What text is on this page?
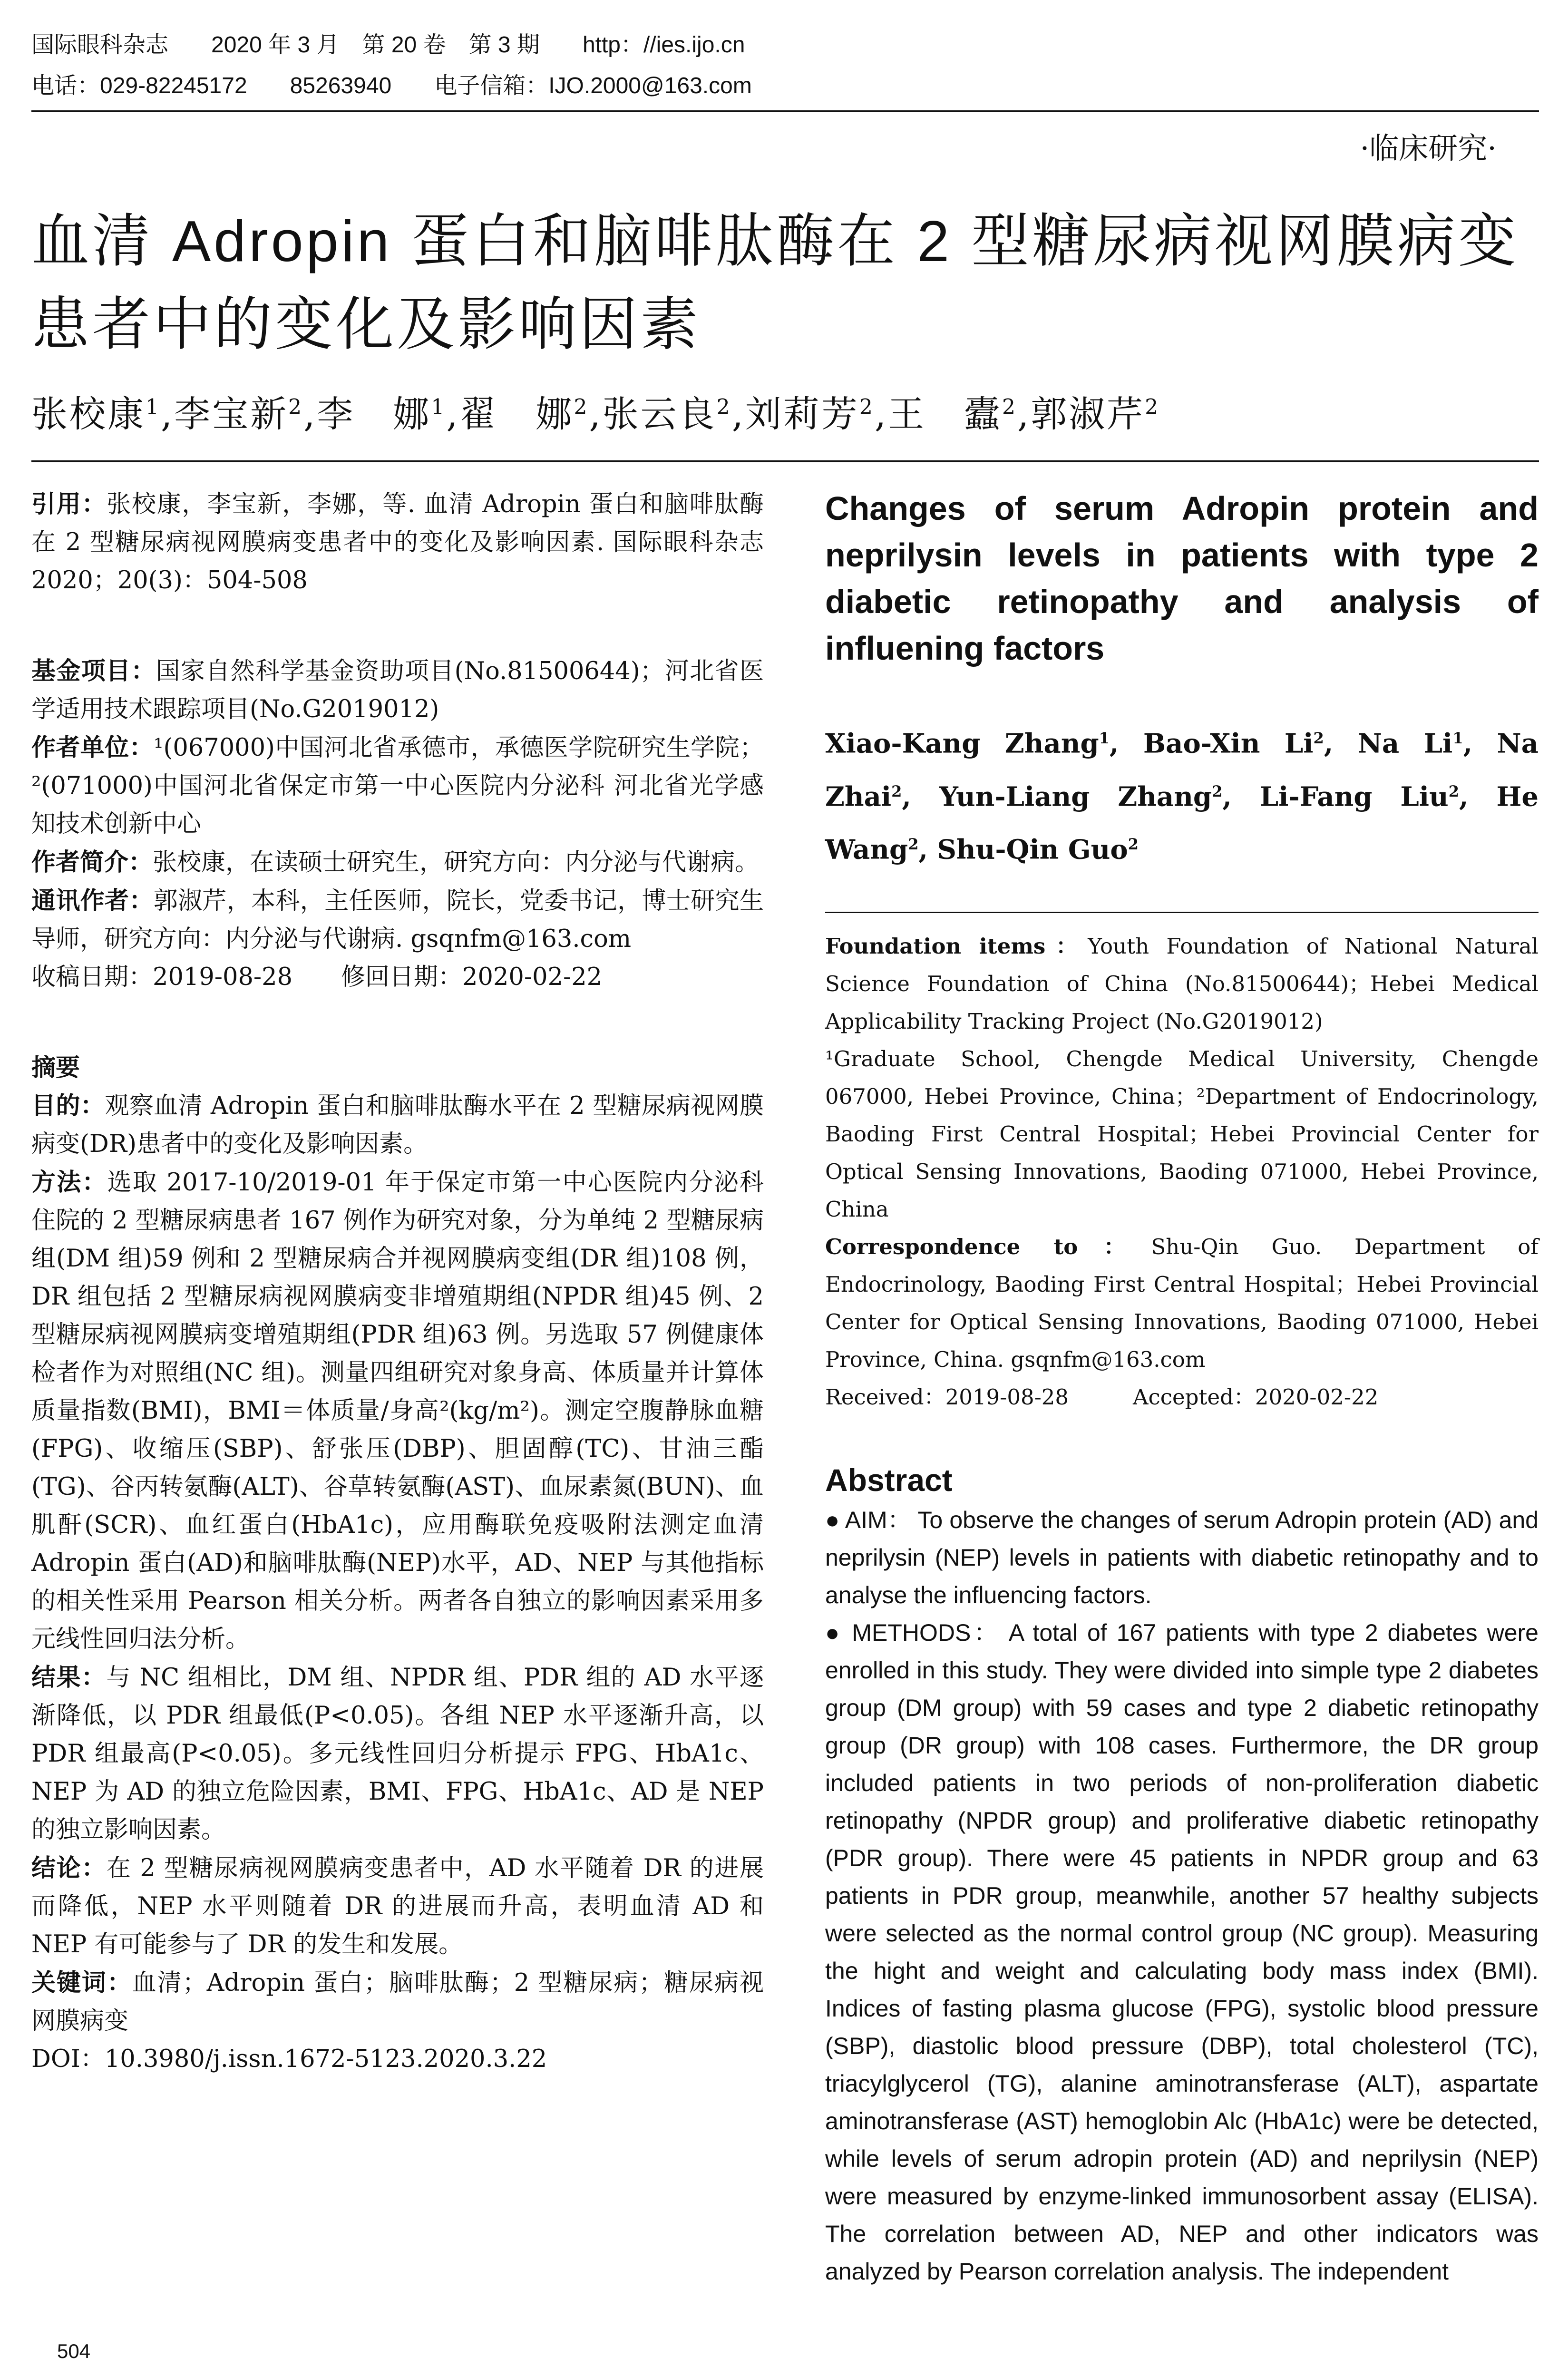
国际眼科杂志 2020 年 3 月　第 20 卷　第 3 期 http：//ies.ijo.cn
电话：029-82245172 85263940 电子信箱：IJO.2000@163.com
·临床研究·
血清 Adropin 蛋白和脑啡肽酶在 2 型糖尿病视网膜病变
患者中的变化及影响因素
张校康$^1$,李宝新$^2$,李　娜$^1$,翟　娜$^2$,张云良$^2$,刘莉芳$^2$,王　蠹$^2$,郭淑芹$^2$

引用：张校康，李宝新，李娜，等. 血清 Adropin 蛋白和脑啡肽酶在 2 型糖尿病视网膜病变患者中的变化及影响因素. 国际眼科杂志 2020；20(3)：504-508

基金项目：国家自然科学基金资助项目(No.81500644)；河北省医学适用技术跟踪项目(No.G2019012)

作者单位：¹(067000)中国河北省承德市，承德医学院研究生学院；²(071000)中国河北省保定市第一中心医院内分泌科 河北省光学感知技术创新中心

作者简介：张校康，在读硕士研究生，研究方向：内分泌与代谢病。

通讯作者：郭淑芹，本科，主任医师，院长，党委书记，博士研究生导师，研究方向：内分泌与代谢病. gsqnfm@163.com

收稿日期：2019-08-28　　修回日期：2020-02-22

摘要

目的：观察血清 Adropin 蛋白和脑啡肽酶水平在 2 型糖尿病视网膜病变(DR)患者中的变化及影响因素。

方法：选取 2017-10/2019-01 年于保定市第一中心医院内分泌科住院的 2 型糖尿病患者 167 例作为研究对象，分为单纯 2 型糖尿病组(DM 组)59 例和 2 型糖尿病合并视网膜病变组(DR 组)108 例，DR 组包括 2 型糖尿病视网膜病变非增殖期组(NPDR 组)45 例、2 型糖尿病视网膜病变增殖期组(PDR 组)63 例。另选取 57 例健康体检者作为对照组(NC 组)。测量四组研究对象身高、体质量并计算体质量指数(BMI)，BMI＝体质量/身高²(kg/m²)。测定空腹静脉血糖(FPG)、收缩压(SBP)、舒张压(DBP)、胆固醇(TC)、甘油三酯(TG)、谷丙转氨酶(ALT)、谷草转氨酶(AST)、血尿素氮(BUN)、血肌酐(SCR)、血红蛋白(HbA1c)，应用酶联免疫吸附法测定血清 Adropin 蛋白(AD)和脑啡肽酶(NEP)水平，AD、NEP 与其他指标的相关性采用 Pearson 相关分析。两者各自独立的影响因素采用多元线性回归法分析。

结果：与 NC 组相比，DM 组、NPDR 组、PDR 组的 AD 水平逐渐降低，以 PDR 组最低(P<0.05)。各组 NEP 水平逐渐升高，以 PDR 组最高(P<0.05)。多元线性回归分析提示 FPG、HbA1c、NEP 为 AD 的独立危险因素，BMI、FPG、HbA1c、AD 是 NEP 的独立影响因素。

结论：在 2 型糖尿病视网膜病变患者中，AD 水平随着 DR 的进展而降低，NEP 水平则随着 DR 的进展而升高，表明血清 AD 和 NEP 有可能参与了 DR 的发生和发展。

关键词：血清；Adropin 蛋白；脑啡肽酶；2 型糖尿病；糖尿病视网膜病变

DOI：10.3980/j.issn.1672-5123.2020.3.22

Changes of serum Adropin protein and neprilysin levels in patients with type 2 diabetic retinopathy and analysis of influening factors

Xiao-Kang Zhang$^1$, Bao-Xin Li$^2$, Na Li$^1$, Na Zhai$^2$, Yun-Liang Zhang$^2$, Li-Fang Liu$^2$, He Wang$^2$, Shu-Qin Guo$^2$
Foundation items：Youth Foundation of National Natural Science Foundation of China (No.81500644)；Hebei Medical Applicability Tracking Project (No.G2019012)
¹Graduate School, Chengde Medical University, Chengde 067000, Hebei Province, China；²Department of Endocrinology, Baoding First Central Hospital；Hebei Provincial Center for Optical Sensing Innovations, Baoding 071000, Hebei Province, China
Correspondence to：Shu-Qin Guo. Department of Endocrinology, Baoding First Central Hospital；Hebei Provincial Center for Optical Sensing Innovations, Baoding 071000, Hebei Province, China. gsqnfm@163.com
Received：2019-08-28　　　Accepted：2020-02-22
Abstract
● AIM： To observe the changes of serum Adropin protein (AD) and neprilysin (NEP) levels in patients with diabetic retinopathy and to analyse the influencing factors.
● METHODS： A total of 167 patients with type 2 diabetes were enrolled in this study. They were divided into simple type 2 diabetes group (DM group) with 59 cases and type 2 diabetic retinopathy group (DR group) with 108 cases. Furthermore, the DR group included patients in two periods of non-proliferation diabetic retinopathy (NPDR group) and proliferative diabetic retinopathy (PDR group). There were 45 patients in NPDR group and 63 patients in PDR group, meanwhile, another 57 healthy subjects were selected as the normal control group (NC group). Measuring the hight and weight and calculating body mass index (BMI). Indices of fasting plasma glucose (FPG), systolic blood pressure (SBP), diastolic blood pressure (DBP), total cholesterol (TC), triacylglycerol (TG), alanine aminotransferase (ALT), aspartate aminotransferase (AST) hemoglobin Alc (HbA1c) were be detected, while levels of serum adropin protein (AD) and neprilysin (NEP) were measured by enzyme-linked immunosorbent assay (ELISA). The correlation between AD, NEP and other indicators was analyzed by Pearson correlation analysis. The independent
504
